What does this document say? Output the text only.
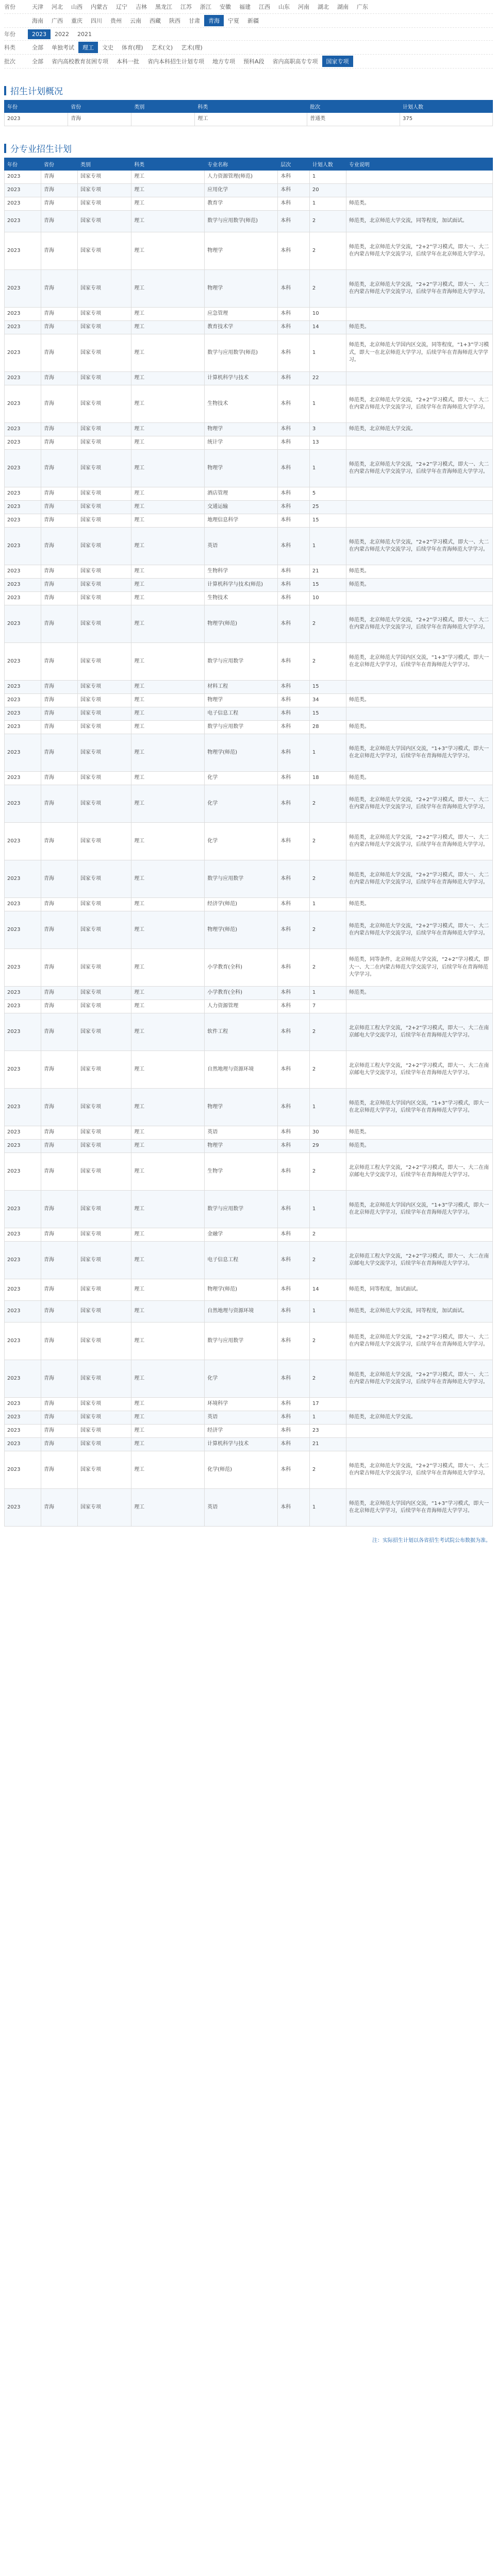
省份	天津	河北	山西	内蒙古	辽宁	吉林	黑龙江	江苏	浙江	安徽	福建	江西	山东	河南	湖北	湖南	广东
海南	广西	重庆	四川	贵州	云南	西藏	陕西	甘肃	青海	宁夏	新疆
年份	2023	2022	2021
科类	全部	单独考试	理工	文史	体育(理)	艺术(文)	艺术(理)
批次	全部	省内高校教育贫困专项	本科一批	省内本科招生计划专项	地方专项	预科A段	省内高职高专专项	国家专项
招生计划概况
年份	省份	类别	科类	批次	计划人数
2023	青海		理工	普通类	375
分专业招生计划
年份	省份	类别	科类	专业名称	层次	计划人数	专业说明
2023	青海	国家专项	理工	人力资源管理(师范)	本科	1	
2023	青海	国家专项	理工	应用化学	本科	20	
2023	青海	国家专项	理工	教育学	本科	1	师范类。
2023	青海	国家专项	理工	数学与应用数学(师范)	本科	2	师范类，北京师范大学交流，同等程度，加试面试。
2023	青海	国家专项	理工	物理学	本科	2	师范类，北京师范大学交流，“2+2”学习模式，即大一、大二在内蒙古师范大学交流学习，后续学年在北京师范大学学习。
2023	青海	国家专项	理工	物理学	本科	2	师范类，北京师范大学交流，“2+2”学习模式，即大一、大二在内蒙古师范大学交流学习，后续学年在青海师范大学学习。
2023	青海	国家专项	理工	应急管理	本科	10	
2023	青海	国家专项	理工	教育技术学	本科	14	师范类。
2023	青海	国家专项	理工	数学与应用数学(师范)	本科	1	师范类，北京师范大学国内区交流，同等程度，“1+3”学习模式，即大一在北京师范大学学习，后续学年在青海师范大学学习。
2023	青海	国家专项	理工	计算机科学与技术	本科	22	
2023	青海	国家专项	理工	生物技术	本科	1	师范类，北京师范大学交流，“2+2”学习模式，即大一、大二在内蒙古师范大学交流学习，后续学年在青海师范大学学习。
2023	青海	国家专项	理工	物理学	本科	3	师范类，北京师范大学交流。
2023	青海	国家专项	理工	统计学	本科	13	
2023	青海	国家专项	理工	物理学	本科	1	师范类，北京师范大学交流，“2+2”学习模式，即大一、大二在内蒙古师范大学交流学习，后续学年在青海师范大学学习。
2023	青海	国家专项	理工	酒店管理	本科	5	
2023	青海	国家专项	理工	交通运输	本科	25	
2023	青海	国家专项	理工	地理信息科学	本科	15	
2023	青海	国家专项	理工	英语	本科	1	师范类，北京师范大学交流，“2+2”学习模式，即大一、大二在内蒙古师范大学交流学习，后续学年在青海师范大学学习。
2023	青海	国家专项	理工	生物科学	本科	21	师范类。
2023	青海	国家专项	理工	计算机科学与技术(师范)	本科	15	师范类。
2023	青海	国家专项	理工	生物技术	本科	10	
2023	青海	国家专项	理工	物理学(师范)	本科	2	师范类，北京师范大学交流，“2+2”学习模式，即大一、大二在内蒙古师范大学交流学习，后续学年在青海师范大学学习。
2023	青海	国家专项	理工	数学与应用数学	本科	2	师范类，北京师范大学国内区交流，“1+3”学习模式，即大一在北京师范大学学习，后续学年在青海师范大学学习。
2023	青海	国家专项	理工	材料工程	本科	15	
2023	青海	国家专项	理工	物理学	本科	34	师范类。
2023	青海	国家专项	理工	电子信息工程	本科	15	
2023	青海	国家专项	理工	数学与应用数学	本科	28	师范类。
2023	青海	国家专项	理工	物理学(师范)	本科	1	师范类，北京师范大学国内区交流，“1+3”学习模式，即大一在北京师范大学学习，后续学年在青海师范大学学习。
2023	青海	国家专项	理工	化学	本科	18	师范类。
2023	青海	国家专项	理工	化学	本科	2	师范类，北京师范大学交流，“2+2”学习模式，即大一、大二在内蒙古师范大学交流学习，后续学年在青海师范大学学习。
2023	青海	国家专项	理工	化学	本科	2	师范类，北京师范大学交流，“2+2”学习模式，即大一、大二在内蒙古师范大学交流学习，后续学年在青海师范大学学习。
2023	青海	国家专项	理工	数学与应用数学	本科	2	师范类，北京师范大学交流，“2+2”学习模式，即大一、大二在内蒙古师范大学交流学习，后续学年在青海师范大学学习。
2023	青海	国家专项	理工	经济学(师范)	本科	1	师范类。
2023	青海	国家专项	理工	物理学(师范)	本科	2	师范类，北京师范大学交流，“2+2”学习模式，即大一、大二在内蒙古师范大学交流学习，后续学年在青海师范大学学习。
2023	青海	国家专项	理工	小学教育(全科)	本科	2	师范类，同等条件，北京师范大学交流，“2+2”学习模式，即大一、大二在内蒙古师范大学交流学习，后续学年在青海师范大学学习。
2023	青海	国家专项	理工	小学教育(全科)	本科	1	师范类。
2023	青海	国家专项	理工	人力资源管理	本科	7	
2023	青海	国家专项	理工	软件工程	本科	2	北京师范工程大学交流，“2+2”学习模式，即大一、大二在南京邮电大学交流学习，后续学年在青海师范大学学习。
2023	青海	国家专项	理工	自然地理与资源环境	本科	2	北京师范工程大学交流，“2+2”学习模式，即大一、大二在南京邮电大学交流学习，后续学年在青海师范大学学习。
2023	青海	国家专项	理工	物理学	本科	1	师范类，北京师范大学国内区交流，“1+3”学习模式，即大一在北京师范大学学习，后续学年在青海师范大学学习。
2023	青海	国家专项	理工	英语	本科	30	师范类。
2023	青海	国家专项	理工	物理学	本科	29	师范类。
2023	青海	国家专项	理工	生物学	本科	2	北京师范工程大学交流，“2+2”学习模式，即大一、大二在南京邮电大学交流学习，后续学年在青海师范大学学习。
2023	青海	国家专项	理工	数学与应用数学	本科	1	师范类，北京师范大学国内区交流，“1+3”学习模式，即大一在北京师范大学学习，后续学年在青海师范大学学习。
2023	青海	国家专项	理工	金融学	本科	2	
2023	青海	国家专项	理工	电子信息工程	本科	2	北京师范工程大学交流，“2+2”学习模式，即大一、大二在南京邮电大学交流学习，后续学年在青海师范大学学习。
2023	青海	国家专项	理工	物理学(师范)	本科	14	师范类，同等程度，加试面试。
2023	青海	国家专项	理工	自然地理与资源环境	本科	1	师范类，北京师范大学交流，同等程度，加试面试。
2023	青海	国家专项	理工	数学与应用数学	本科	2	师范类，北京师范大学交流，“2+2”学习模式，即大一、大二在内蒙古师范大学交流学习，后续学年在青海师范大学学习。
2023	青海	国家专项	理工	化学	本科	2	师范类，北京师范大学交流，“2+2”学习模式，即大一、大二在内蒙古师范大学交流学习，后续学年在青海师范大学学习。
2023	青海	国家专项	理工	环境科学	本科	17	
2023	青海	国家专项	理工	英语	本科	1	师范类，北京师范大学交流。
2023	青海	国家专项	理工	经济学	本科	23	
2023	青海	国家专项	理工	计算机科学与技术	本科	21	
2023	青海	国家专项	理工	化学(师范)	本科	2	师范类，北京师范大学交流，“2+2”学习模式，即大一、大二在内蒙古师范大学交流学习，后续学年在青海师范大学学习。
2023	青海	国家专项	理工	英语	本科	1	师范类，北京师范大学国内区交流，“1+3”学习模式，即大一在北京师范大学学习，后续学年在青海师范大学学习。
注：实际招生计划以各省招生考试院公布数据为准。
